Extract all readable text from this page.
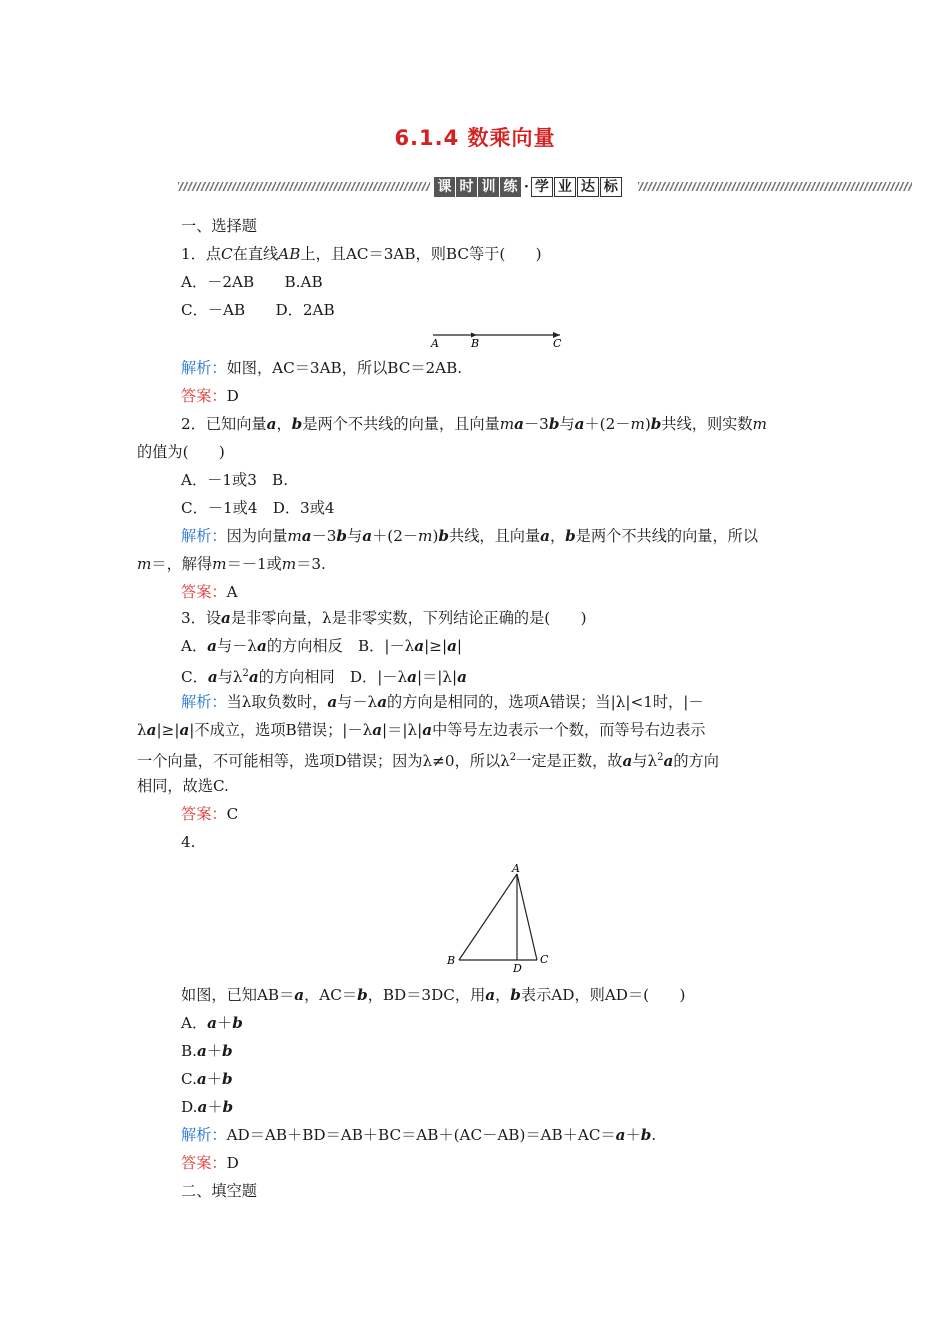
6.1.4 数乘向量
课 时 训 练 · 学 业 达 标
一、选择题
1．点C在直线AB上，且AC＝3AB，则BC等于(　　)
A．－2AB　　B.AB
C．－AB　　D．2AB
A	B	C
解析：如图，AC＝3AB，所以BC＝2AB.
答案：D
2．已知向量a，b是两个不共线的向量，且向量ma－3b与a＋(2－m)b共线，则实数m
的值为(　　)
A．－1或3　B.
C．－1或4　D．3或4
解析：因为向量ma－3b与a＋(2－m)b共线，且向量a，b是两个不共线的向量，所以
m＝，解得m＝－1或m＝3.
答案：A
3．设a是非零向量，λ是非零实数，下列结论正确的是(　　)
A．a与－λa的方向相反　B．|－λa|≥|a|
C．a与$\lambda^2a$的方向相同　D．|－λa|＝|λ|a
解析：当λ取负数时，a与－λa的方向是相同的，选项A错误；当|λ|<1时，|－
λa|≥|a|不成立，选项B错误；|－λa|＝|λ|a中等号左边表示一个数，而等号右边表示
一个向量，不可能相等，选项D错误；因为λ≠0，所以$\lambda^2$一定是正数，故a与$\lambda^2a$的方向
相同，故选C.
答案：C
4.
A
B
D
C
如图，已知AB＝a，AC＝b，BD＝3DC，用a，b表示AD，则AD＝(　　)
A．a＋b
B.a＋b
C.a＋b
D.a＋b
解析：AD＝AB＋BD＝AB＋BC＝AB＋(AC－AB)＝AB＋AC＝a＋b.
答案：D
二、填空题
